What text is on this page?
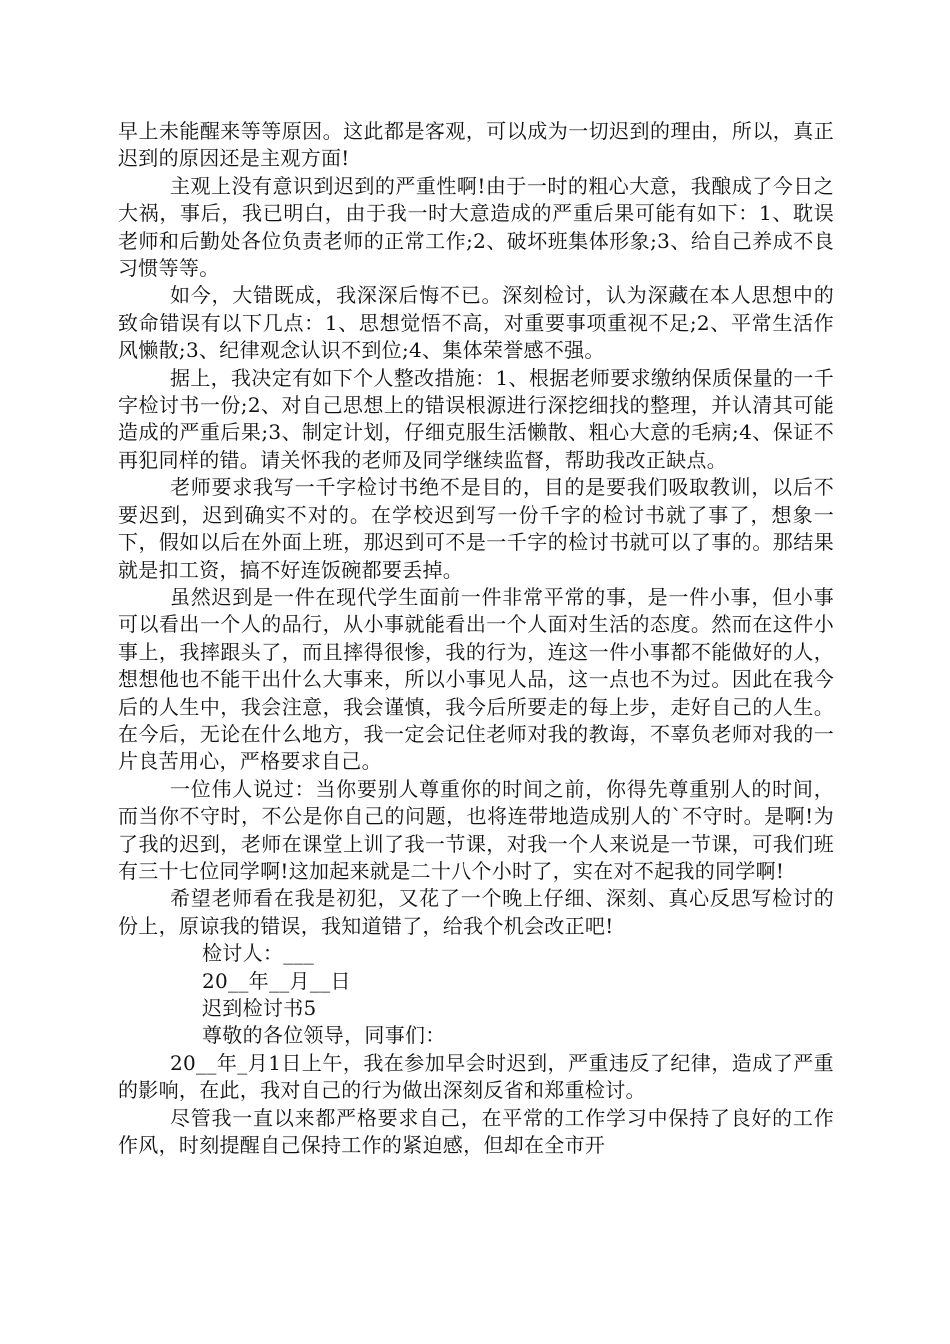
早上未能醒来等等原因。这此都是客观，可以成为一切迟到的理由，所以，真正迟到的原因还是主观方面!

主观上没有意识到迟到的严重性啊!由于一时的粗心大意，我酿成了今日之大祸，事后，我已明白，由于我一时大意造成的严重后果可能有如下：1、耽误老师和后勤处各位负责老师的正常工作;2、破坏班集体形象;3、给自己养成不良习惯等等。

如今，大错既成，我深深后悔不已。深刻检讨，认为深藏在本人思想中的致命错误有以下几点：1、思想觉悟不高，对重要事项重视不足;2、平常生活作风懒散;3、纪律观念认识不到位;4、集体荣誉感不强。

据上，我决定有如下个人整改措施：1、根据老师要求缴纳保质保量的一千字检讨书一份;2、对自己思想上的错误根源进行深挖细找的整理，并认清其可能造成的严重后果;3、制定计划，仔细克服生活懒散、粗心大意的毛病;4、保证不再犯同样的错。请关怀我的老师及同学继续监督，帮助我改正缺点。

老师要求我写一千字检讨书绝不是目的，目的是要我们吸取教训，以后不要迟到，迟到确实不对的。在学校迟到写一份千字的检讨书就了事了，想象一下，假如以后在外面上班，那迟到可不是一千字的检讨书就可以了事的。那结果就是扣工资，搞不好连饭碗都要丢掉。

虽然迟到是一件在现代学生面前一件非常平常的事，是一件小事，但小事可以看出一个人的品行，从小事就能看出一个人面对生活的态度。然而在这件小事上，我摔跟头了，而且摔得很惨，我的行为，连这一件小事都不能做好的人，想想他也不能干出什么大事来，所以小事见人品，这一点也不为过。因此在我今后的人生中，我会注意，我会谨慎，我今后所要走的每上步，走好自己的人生。在今后，无论在什么地方，我一定会记住老师对我的教诲，不辜负老师对我的一片良苦用心，严格要求自己。

一位伟人说过：当你要别人尊重你的时间之前，你得先尊重别人的时间，而当你不守时，不公是你自己的问题，也将连带地造成别人的`不守时。是啊!为了我的迟到，老师在课堂上训了我一节课，对我一个人来说是一节课，可我们班有三十七位同学啊!这加起来就是二十八个小时了，实在对不起我的同学啊!

希望老师看在我是初犯，又花了一个晚上仔细、深刻、真心反思写检讨的份上，原谅我的错误，我知道错了，给我个机会改正吧!

检讨人：___

20__年__月__日

迟到检讨书5

尊敬的各位领导，同事们：

20__年_月1日上午，我在参加早会时迟到，严重违反了纪律，造成了严重的影响，在此，我对自己的行为做出深刻反省和郑重检讨。

尽管我一直以来都严格要求自己，在平常的工作学习中保持了良好的工作作风，时刻提醒自己保持工作的紧迫感，但却在全市开
